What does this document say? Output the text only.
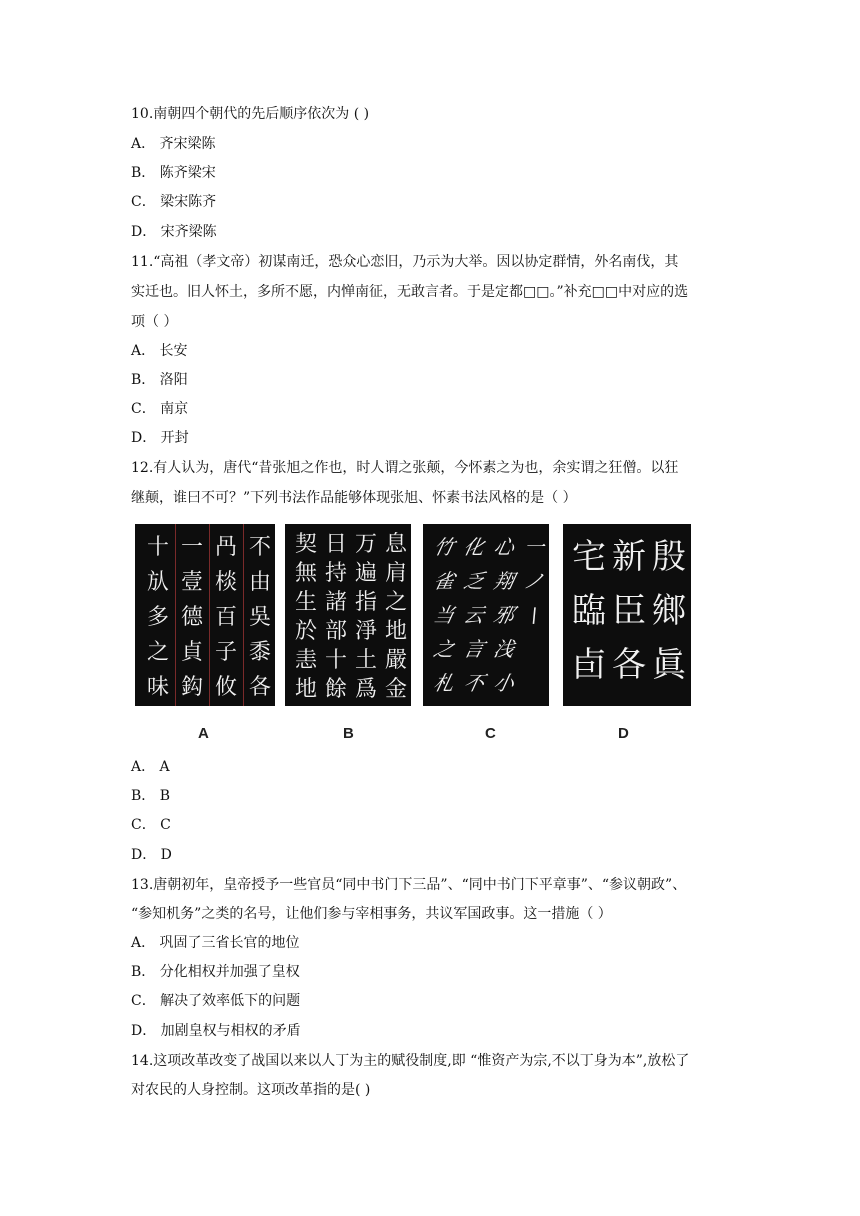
10.南朝四个朝代的先后顺序依次为 ( )
A． 齐宋梁陈
B． 陈齐梁宋
C． 梁宋陈齐
D． 宋齐梁陈
11.“高祖（孝文帝）初谋南迁，恐众心恋旧，乃示为大举。因以协定群情，外名南伐，其
实迁也。旧人怀土，多所不愿，内惮南征，无敢言者。于是定都□□。”补充□□中对应的选
项（ ）
A． 长安
B． 洛阳
C． 南京
D． 开封
12.有人认为，唐代“昔张旭之作也，时人谓之张颠，今怀素之为也，余实谓之狂僧。以狂
继颠，谁曰不可？”下列书法作品能够体现张旭、怀素书法风格的是（ ）
十
㫃
多
之
味
一
壹
德
貞
鈎
冎
棪
百
子
攸
不
由
吳
黍
各
契
無
生
於
恚
地
日
持
諸
部
十
餘
万
遍
指
淨
土
爲
息
肩
之
地
嚴
金
竹
雀
当
之
札
化
乏
云
言
不
心
翔
邪
浅
小
一
ノ
\
宅
臨
卣
新
臣
各
殷
鄉
眞
A	B	C	D
A． A
B． B
C． C
D． D
13.唐朝初年，皇帝授予一些官员“同中书门下三品”、“同中书门下平章事”、“参议朝政”、
“参知机务”之类的名号，让他们参与宰相事务，共议军国政事。这一措施（ ）
A． 巩固了三省长官的地位
B． 分化相权并加强了皇权
C． 解决了效率低下的问题
D． 加剧皇权与相权的矛盾
14.这项改革改变了战国以来以人丁为主的赋役制度,即 “惟资产为宗,不以丁身为本”,放松了
对农民的人身控制。这项改革指的是( )
